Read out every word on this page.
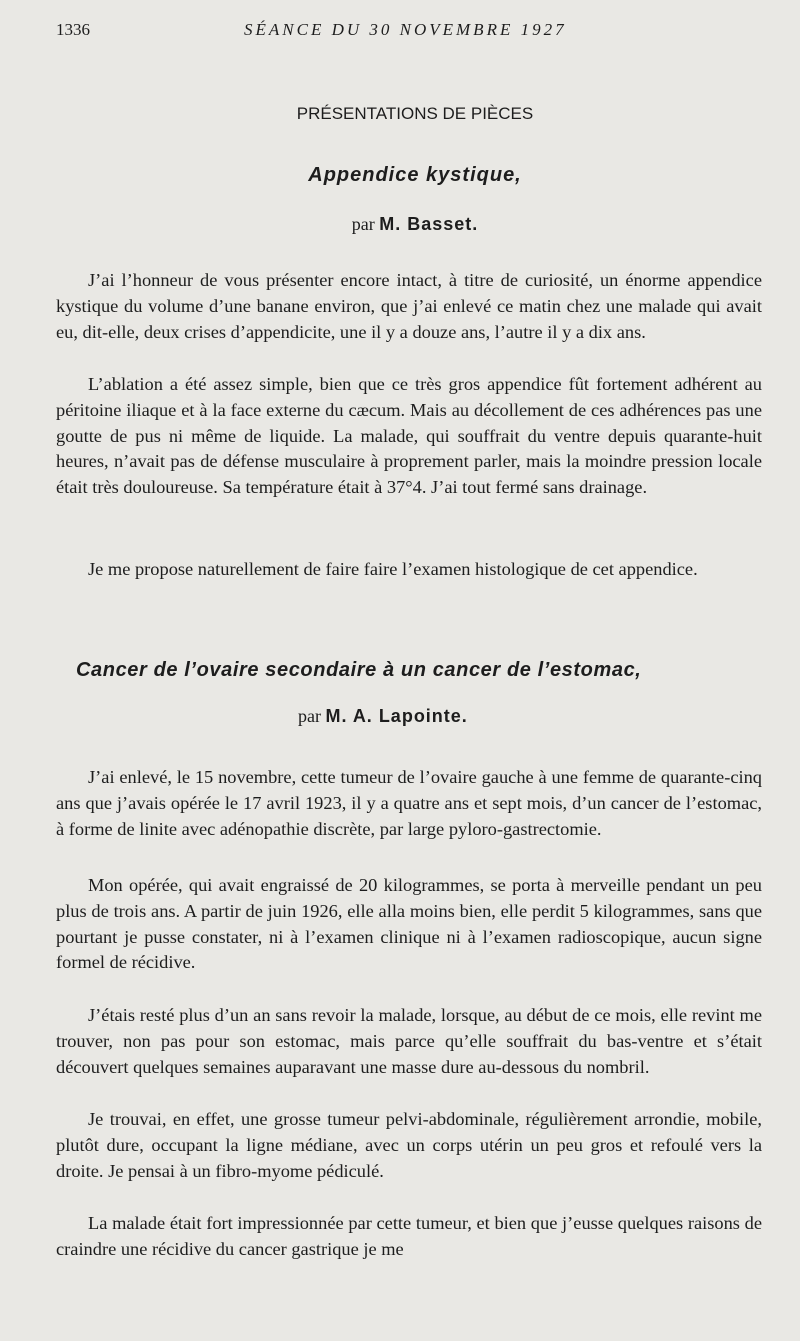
1336	SÉANCE DU 30 NOVEMBRE 1927
PRÉSENTATIONS DE PIÈCES
Appendice kystique,
par M. Basset.

J’ai l’honneur de vous présenter encore intact, à titre de curiosité, un énorme appendice kystique du volume d’une banane environ, que j’ai enlevé ce matin chez une malade qui avait eu, dit-elle, deux crises d’appendicite, une il y a douze ans, l’autre il y a dix ans.

L’ablation a été assez simple, bien que ce très gros appendice fût fortement adhérent au péritoine iliaque et à la face externe du cæcum. Mais au décollement de ces adhérences pas une goutte de pus ni même de liquide. La malade, qui souffrait du ventre depuis quarante-huit heures, n’avait pas de défense musculaire à proprement parler, mais la moindre pression locale était très douloureuse. Sa température était à 37°4. J’ai tout fermé sans drainage.

Je me propose naturellement de faire faire l’examen histologique de cet appendice.

Cancer de l’ovaire secondaire à un cancer de l’estomac,
par M. A. Lapointe.

J’ai enlevé, le 15 novembre, cette tumeur de l’ovaire gauche à une femme de quarante-cinq ans que j’avais opérée le 17 avril 1923, il y a quatre ans et sept mois, d’un cancer de l’estomac, à forme de linite avec adénopathie discrète, par large pyloro-gastrectomie.

Mon opérée, qui avait engraissé de 20 kilogrammes, se porta à merveille pendant un peu plus de trois ans. A partir de juin 1926, elle alla moins bien, elle perdit 5 kilogrammes, sans que pourtant je pusse constater, ni à l’examen clinique ni à l’examen radioscopique, aucun signe formel de récidive.

J’étais resté plus d’un an sans revoir la malade, lorsque, au début de ce mois, elle revint me trouver, non pas pour son estomac, mais parce qu’elle souffrait du bas-ventre et s’était découvert quelques semaines auparavant une masse dure au-dessous du nombril.

Je trouvai, en effet, une grosse tumeur pelvi-abdominale, régulièrement arrondie, mobile, plutôt dure, occupant la ligne médiane, avec un corps utérin un peu gros et refoulé vers la droite. Je pensai à un fibro-myome pédiculé.

La malade était fort impressionnée par cette tumeur, et bien que j’eusse quelques raisons de craindre une récidive du cancer gastrique je me
